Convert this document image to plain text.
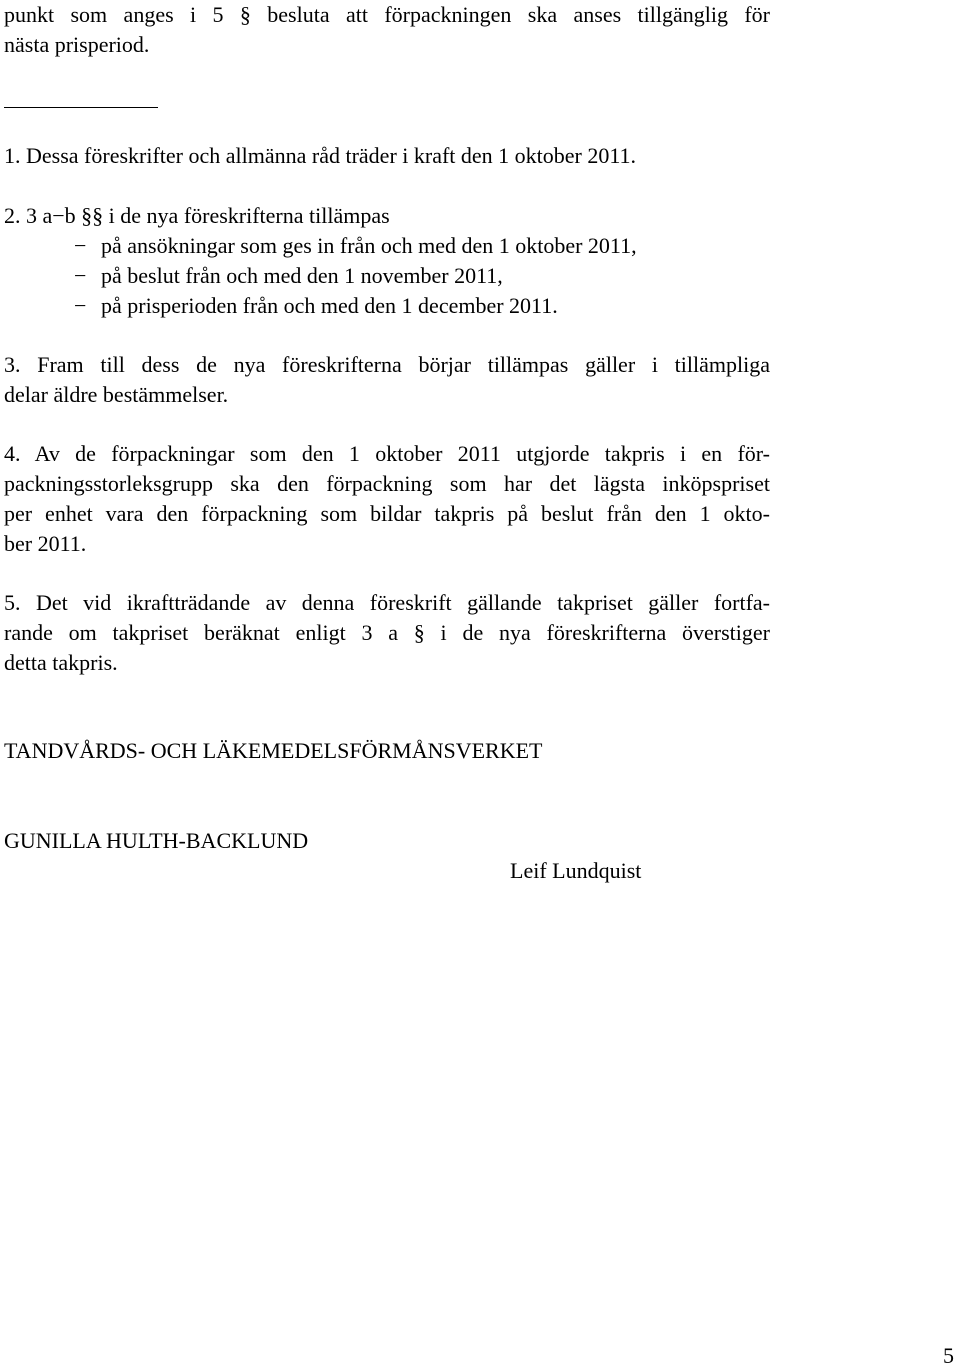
punkt som anges i 5 § besluta att förpackningen ska anses tillgänglig för

nästa prisperiod.

1. Dessa föreskrifter och allmänna råd träder i kraft den 1 oktober 2011.

2. 3 a−b §§ i de nya föreskrifterna tillämpas

− på ansökningar som ges in från och med den 1 oktober 2011,

− på beslut från och med den 1 november 2011,

− på prisperioden från och med den 1 december 2011.

3. Fram till dess de nya föreskrifterna börjar tillämpas gäller i tillämpliga

delar äldre bestämmelser.

4. Av de förpackningar som den 1 oktober 2011 utgjorde takpris i en för-

packningsstorleksgrupp ska den förpackning som har det lägsta inköpspriset

per enhet vara den förpackning som bildar takpris på beslut från den 1 okto-

ber 2011.

5. Det vid ikraftträdande av denna föreskrift gällande takpriset gäller fortfa-

rande om takpriset beräknat enligt 3 a § i de nya föreskrifterna överstiger

detta takpris.

TANDVÅRDS- OCH LÄKEMEDELSFÖRMÅNSVERKET
GUNILLA HULTH-BACKLUND
Leif Lundquist
5
